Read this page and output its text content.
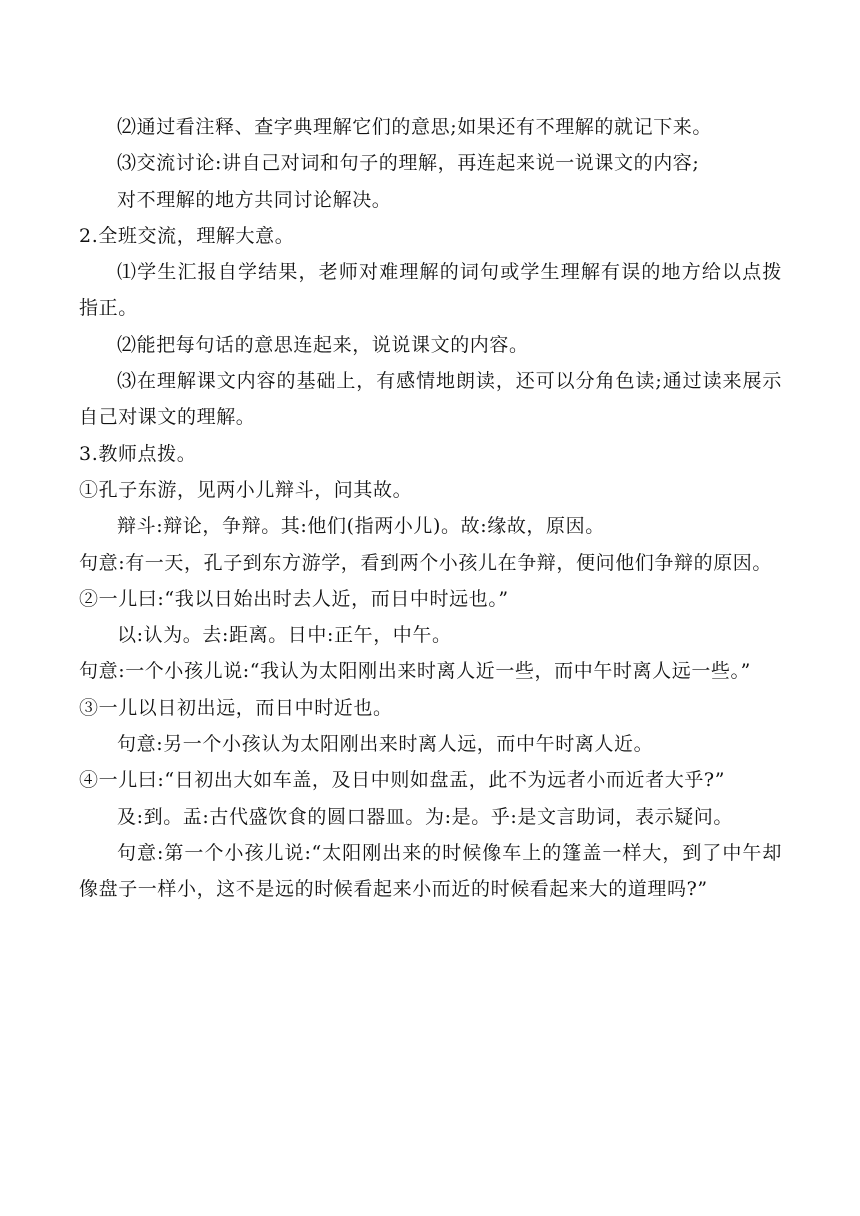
⑵通过看注释、查字典理解它们的意思;如果还有不理解的就记下来。

⑶交流讨论:讲自己对词和句子的理解，再连起来说一说课文的内容;

对不理解的地方共同讨论解决。

2.全班交流，理解大意。

⑴学生汇报自学结果，老师对难理解的词句或学生理解有误的地方给以点拨指正。

⑵能把每句话的意思连起来，说说课文的内容。

⑶在理解课文内容的基础上，有感情地朗读，还可以分角色读;通过读来展示自己对课文的理解。

3.教师点拨。

①孔子东游，见两小儿辩斗，问其故。

辩斗:辩论，争辩。其:他们(指两小儿)。故:缘故，原因。

句意:有一天，孔子到东方游学，看到两个小孩儿在争辩，便问他们争辩的原因。

②一儿曰:“我以日始出时去人近，而日中时远也。”

以:认为。去:距离。日中:正午，中午。

句意:一个小孩儿说:“我认为太阳刚出来时离人近一些，而中午时离人远一些。”

③一儿以日初出远，而日中时近也。

句意:另一个小孩认为太阳刚出来时离人远，而中午时离人近。

④一儿曰:“日初出大如车盖，及日中则如盘盂，此不为远者小而近者大乎?”

及:到。盂:古代盛饮食的圆口器皿。为:是。乎:是文言助词，表示疑问。

句意:第一个小孩儿说:“太阳刚出来的时候像车上的篷盖一样大，到了中午却像盘子一样小，这不是远的时候看起来小而近的时候看起来大的道理吗?”
